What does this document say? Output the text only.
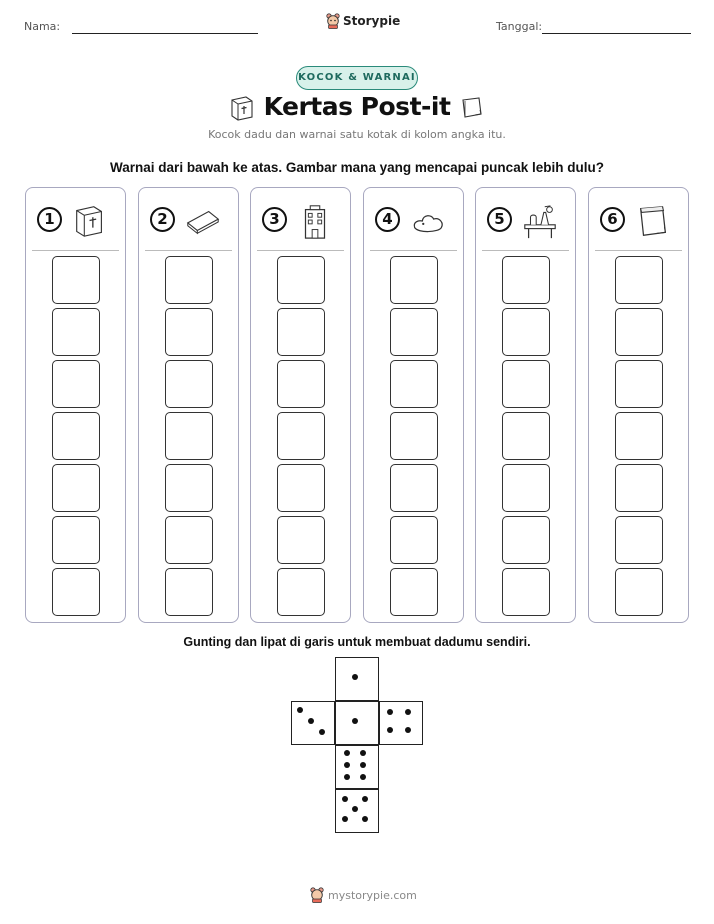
Nama:	Storypie	Tanggal:
KOCOK & WARNAI
Kertas Post-it
Kocok dadu dan warnai satu kotak di kolom angka itu.
Warnai dari bawah ke atas. Gambar mana yang mencapai puncak lebih dulu?
1	2	3	4	5	6
Gunting dan lipat di garis untuk membuat dadumu sendiri.
mystorypie.com
